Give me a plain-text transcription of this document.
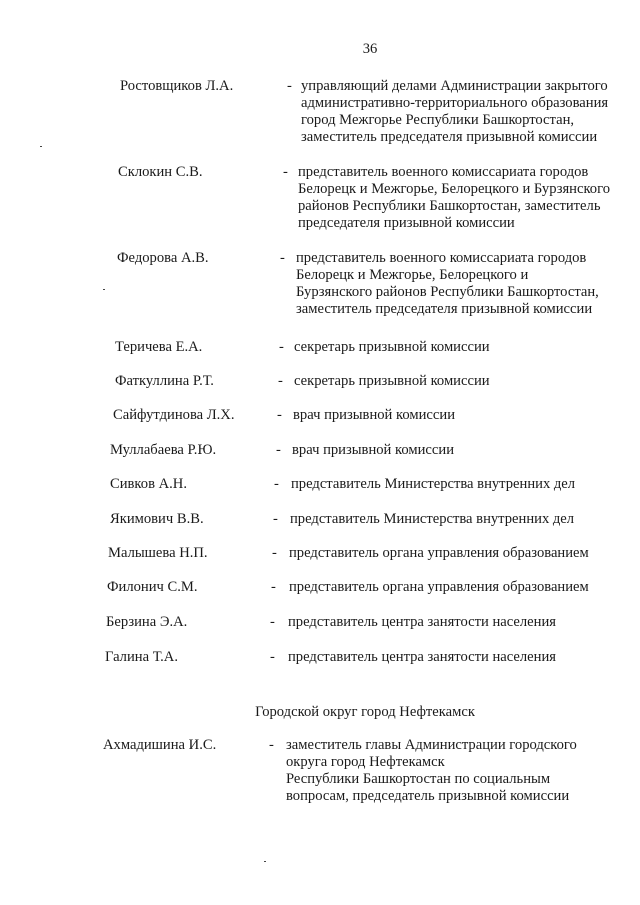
36
Ростовщиков Л.А.	- управляющий делами Администрации закрытого
административно-территориального образования
город Межгорье Республики Башкортостан,
заместитель председателя призывной комиссии
Склокин С.В.	- представитель военного комиссариата городов
Белорецк и Межгорье, Белорецкого и Бурзянского
районов Республики Башкортостан, заместитель
председателя призывной комиссии
Федорова А.В.	- представитель военного комиссариата городов
Белорецк и Межгорье, Белорецкого и
Бурзянского районов Республики Башкортостан,
заместитель председателя призывной комиссии
Теричева Е.А.	- секретарь призывной комиссии
Фаткуллина Р.Т.	- секретарь призывной комиссии
Сайфутдинова Л.Х.	- врач призывной комиссии
Муллабаева Р.Ю.	- врач призывной комиссии
Сивков А.Н.	- представитель Министерства внутренних дел
Якимович В.В.	- представитель Министерства внутренних дел
Малышева Н.П.	- представитель органа управления образованием
Филонич С.М.	- представитель органа управления образованием
Берзина Э.А.	- представитель центра занятости населения
Галина Т.А.	- представитель центра занятости населения
Городской округ город Нефтекамск
Ахмадишина И.С.	- заместитель главы Администрации городского
округа город Нефтекамск
Республики Башкортостан по социальным
вопросам, председатель призывной комиссии
